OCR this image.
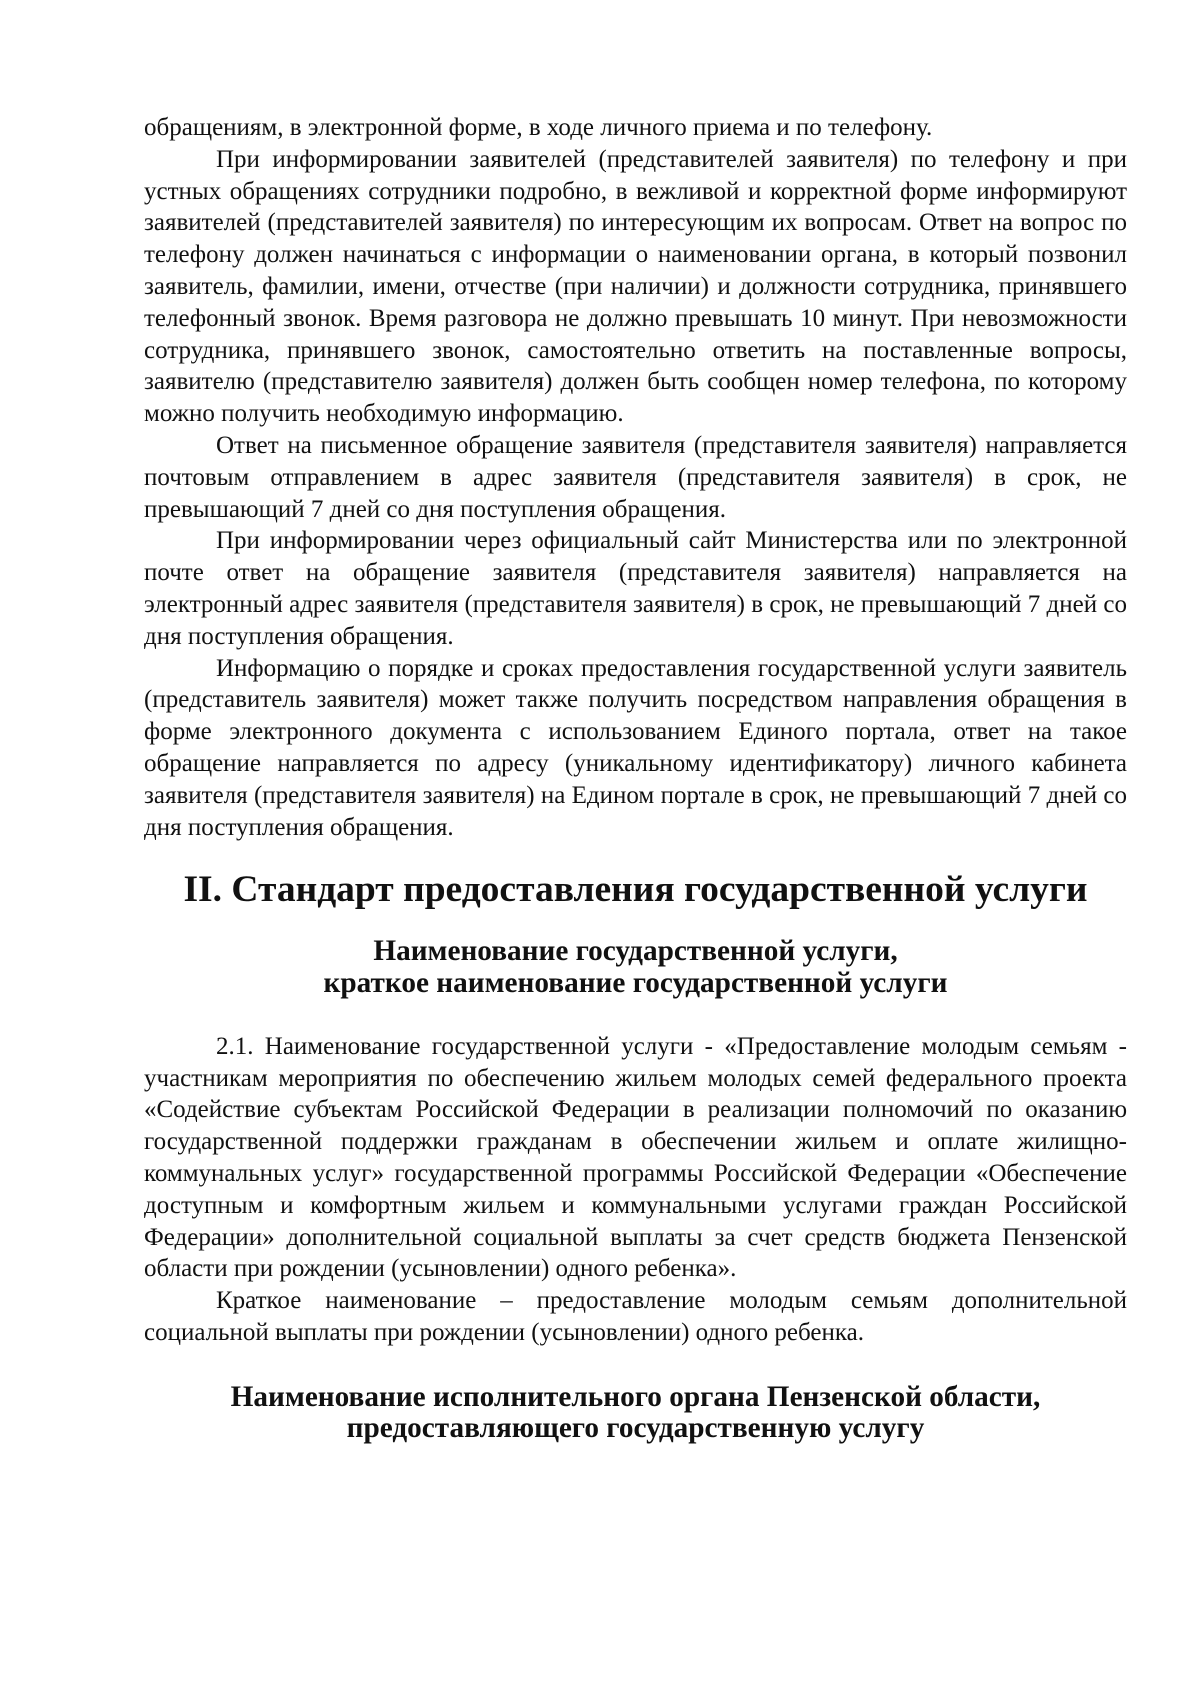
обращениям, в электронной форме, в ходе личного приема и по телефону.

При информировании заявителей (представителей заявителя) по телефону и при устных обращениях сотрудники подробно, в вежливой и корректной форме информируют заявителей (представителей заявителя) по интересующим их вопросам. Ответ на вопрос по телефону должен начинаться с информации о наименовании органа, в который позвонил заявитель, фамилии, имени, отчестве (при наличии) и должности сотрудника, принявшего телефонный звонок. Время разговора не должно превышать 10 минут. При невозможности сотрудника, принявшего звонок, самостоятельно ответить на поставленные вопросы, заявителю (представителю заявителя) должен быть сообщен номер телефона, по которому можно получить необходимую информацию.

Ответ на письменное обращение заявителя (представителя заявителя) направляется почтовым отправлением в адрес заявителя (представителя заявителя) в срок, не превышающий 7 дней со дня поступления обращения.

При информировании через официальный сайт Министерства или по электронной почте ответ на обращение заявителя (представителя заявителя) направляется на электронный адрес заявителя (представителя заявителя) в срок, не превышающий 7 дней со дня поступления обращения.

Информацию о порядке и сроках предоставления государственной услуги заявитель (представитель заявителя) может также получить посредством направления обращения в форме электронного документа с использованием Единого портала, ответ на такое обращение направляется по адресу (уникальному идентификатору) личного кабинета заявителя (представителя заявителя) на Едином портале в срок, не превышающий 7 дней со дня поступления обращения.

II. Стандарт предоставления государственной услуги
Наименование государственной услуги,
краткое наименование государственной услуги

2.1. Наименование государственной услуги - «Предоставление молодым семьям - участникам мероприятия по обеспечению жильем молодых семей федерального проекта «Содействие субъектам Российской Федерации в реализации полномочий по оказанию государственной поддержки гражданам в обеспечении жильем и оплате жилищно-коммунальных услуг» государственной программы Российской Федерации «Обеспечение доступным и комфортным жильем и коммунальными услугами граждан Российской Федерации» дополнительной социальной выплаты за счет средств бюджета Пензенской области при рождении (усыновлении) одного ребенка».

Краткое наименование – предоставление молодым семьям дополнительной социальной выплаты при рождении (усыновлении) одного ребенка.

Наименование исполнительного органа Пензенской области,
предоставляющего государственную услугу
